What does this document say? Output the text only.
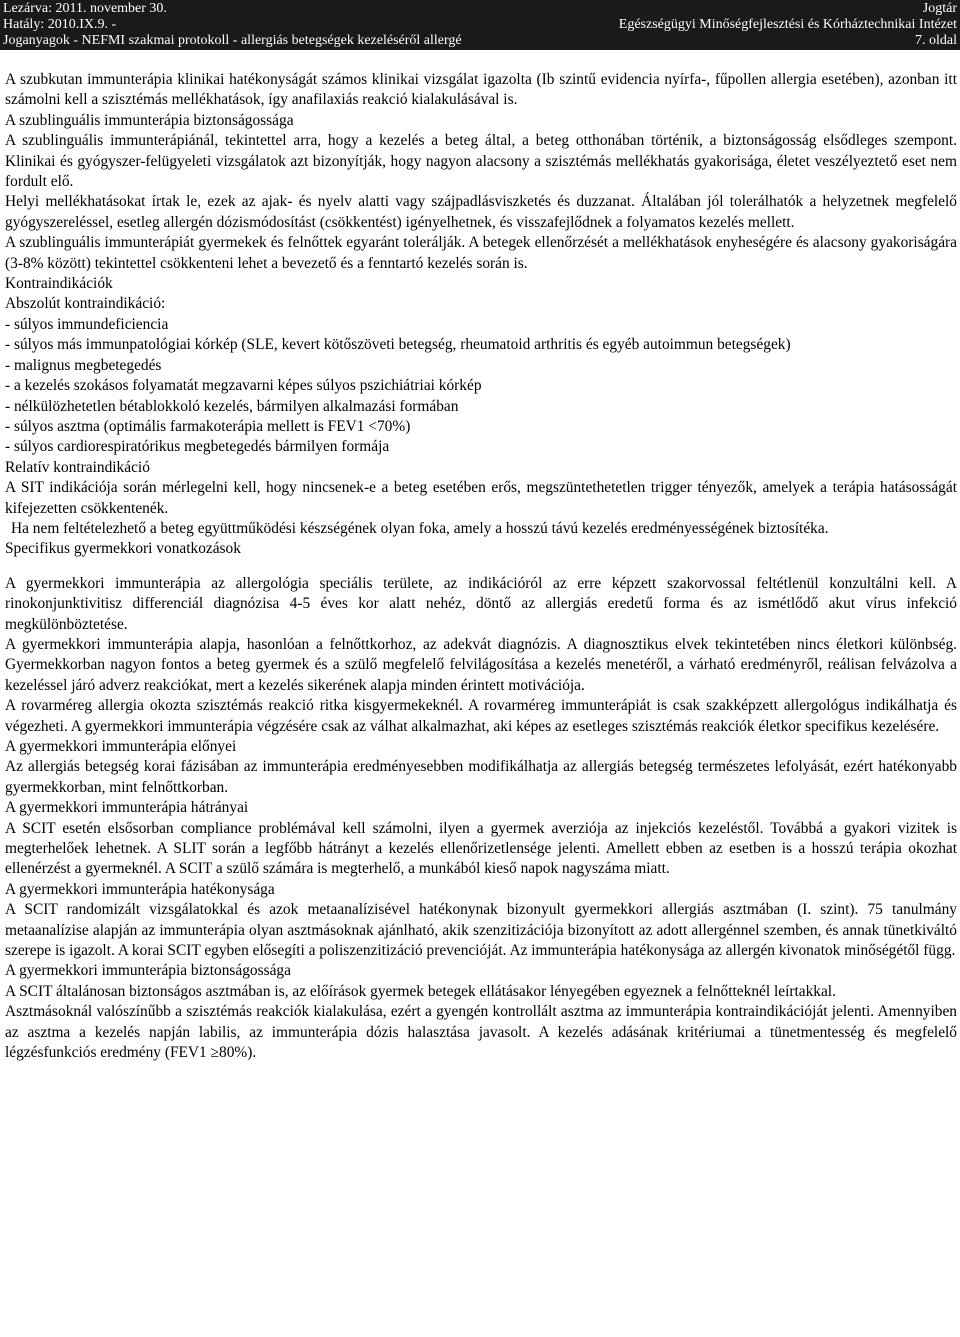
Lezárva: 2011. november 30.
Hatály: 2010.IX.9. -
Joganyagok - NEFMI szakmai protokoll - allergiás betegségek kezeléséről allergé
Jogtár
Egészségügyi Minőségfejlesztési és Kórháztechnikai Intézet
7. oldal

A szubkutan immunterápia klinikai hatékonyságát számos klinikai vizsgálat igazolta (Ib szintű evidencia nyírfa-, fűpollen allergia esetében), azonban itt számolni kell a szisztémás mellékhatások, így anafilaxiás reakció kialakulásával is.

A szublinguális immunterápia biztonságossága

A szublinguális immunterápiánál, tekintettel arra, hogy a kezelés a beteg által, a beteg otthonában történik, a biztonságosság elsődleges szempont. Klinikai és gyógyszer-felügyeleti vizsgálatok azt bizonyítják, hogy nagyon alacsony a szisztémás mellékhatás gyakorisága, életet veszélyeztető eset nem fordult elő.

Helyi mellékhatásokat írtak le, ezek az ajak- és nyelv alatti vagy szájpadlásviszketés és duzzanat. Általában jól tolerálhatók a helyzetnek megfelelő gyógyszereléssel, esetleg allergén dózismódosítást (csökkentést) igényelhetnek, és visszafejlődnek a folyamatos kezelés mellett.

A szublinguális immunterápiát gyermekek és felnőttek egyaránt tolerálják. A betegek ellenőrzését a mellékhatások enyheségére és alacsony gyakoriságára (3-8% között) tekintettel csökkenteni lehet a bevezető és a fenntartó kezelés során is.

Kontraindikációk

Abszolút kontraindikáció:

- súlyos immundeficiencia
- súlyos más immunpatológiai kórkép (SLE, kevert kötőszöveti betegség, rheumatoid arthritis és egyéb autoimmun betegségek)
- malignus megbetegedés
- a kezelés szokásos folyamatát megzavarni képes súlyos pszichiátriai kórkép
- nélkülözhetetlen bétablokkoló kezelés, bármilyen alkalmazási formában
- súlyos asztma (optimális farmakoterápia mellett is FEV1 <70%)
- súlyos cardiorespiratórikus megbetegedés bármilyen formája

Relatív kontraindikáció

A SIT indikációja során mérlegelni kell, hogy nincsenek-e a beteg esetében erős, megszüntethetetlen trigger tényezők, amelyek a terápia hatásosságát kifejezetten csökkentenék.

Ha nem feltételezhető a beteg együttműködési készségének olyan foka, amely a hosszú távú kezelés eredményességének biztosítéka.

Specifikus gyermekkori vonatkozások

A gyermekkori immunterápia az allergológia speciális területe, az indikációról az erre képzett szakorvossal feltétlenül konzultálni kell. A rinokonjunktivitisz differenciál diagnózisa 4-5 éves kor alatt nehéz, döntő az allergiás eredetű forma és az ismétlődő akut vírus infekció megkülönböztetése.

A gyermekkori immunterápia alapja, hasonlóan a felnőttkorhoz, az adekvát diagnózis. A diagnosztikus elvek tekintetében nincs életkori különbség. Gyermekkorban nagyon fontos a beteg gyermek és a szülő megfelelő felvilágosítása a kezelés menetéről, a várható eredményről, reálisan felvázolva a kezeléssel járó adverz reakciókat, mert a kezelés sikerének alapja minden érintett motivációja.

A rovarméreg allergia okozta szisztémás reakció ritka kisgyermekeknél. A rovarméreg immunterápiát is csak szakképzett allergológus indikálhatja és végezheti. A gyermekkori immunterápia végzésére csak az válhat alkalmazhat, aki képes az esetleges szisztémás reakciók életkor specifikus kezelésére.

A gyermekkori immunterápia előnyei

Az allergiás betegség korai fázisában az immunterápia eredményesebben modifikálhatja az allergiás betegség természetes lefolyását, ezért hatékonyabb gyermekkorban, mint felnőttkorban.

A gyermekkori immunterápia hátrányai

A SCIT esetén elsősorban compliance problémával kell számolni, ilyen a gyermek averziója az injekciós kezeléstől. Továbbá a gyakori vizitek is megterhelőek lehetnek. A SLIT során a legfőbb hátrányt a kezelés ellenőrizetlensége jelenti. Amellett ebben az esetben is a hosszú terápia okozhat ellenérzést a gyermeknél. A SCIT a szülő számára is megterhelő, a munkából kieső napok nagyszáma miatt.

A gyermekkori immunterápia hatékonysága

A SCIT randomizált vizsgálatokkal és azok metaanalízisével hatékonynak bizonyult gyermekkori allergiás asztmában (I. szint). 75 tanulmány metaanalízise alapján az immunterápia olyan asztmásoknak ajánlható, akik szenzitizációja bizonyított az adott allergénnel szemben, és annak tünetkiváltó szerepe is igazolt. A korai SCIT egyben elősegíti a poliszenzitizáció prevencióját. Az immunterápia hatékonysága az allergén kivonatok minőségétől függ.

A gyermekkori immunterápia biztonságossága

A SCIT általánosan biztonságos asztmában is, az előírások gyermek betegek ellátásakor lényegében egyeznek a felnőtteknél leírtakkal.

Asztmásoknál valószínűbb a szisztémás reakciók kialakulása, ezért a gyengén kontrollált asztma az immunterápia kontraindikációját jelenti. Amennyiben az asztma a kezelés napján labilis, az immunterápia dózis halasztása javasolt. A kezelés adásának kritériumai a tünetmentesség és megfelelő légzésfunkciós eredmény (FEV1 ≥80%).
